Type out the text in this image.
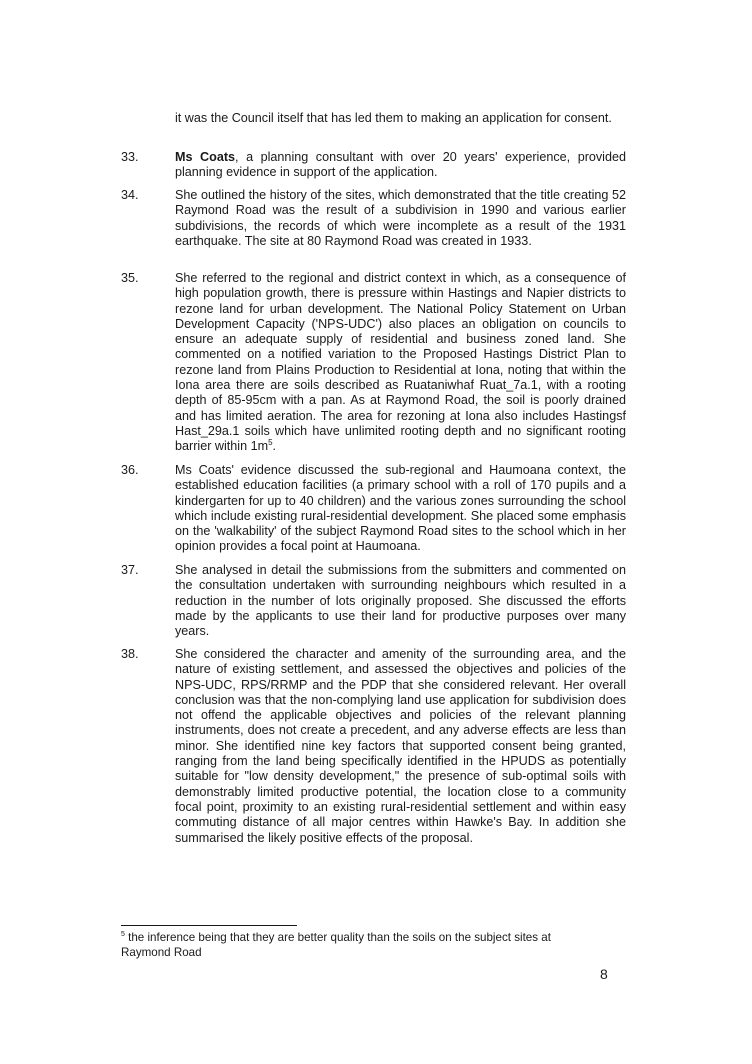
it was the Council itself that has led them to making an application for consent.

33.	Ms Coats, a planning consultant with over 20 years' experience, provided planning evidence in support of the application.

34.	She outlined the history of the sites, which demonstrated that the title creating 52 Raymond Road was the result of a subdivision in 1990 and various earlier subdivisions, the records of which were incomplete as a result of the 1931 earthquake. The site at 80 Raymond Road was created in 1933.

35.	She referred to the regional and district context in which, as a consequence of high population growth, there is pressure within Hastings and Napier districts to rezone land for urban development. The National Policy Statement on Urban Development Capacity ('NPS-UDC') also places an obligation on councils to ensure an adequate supply of residential and business zoned land. She commented on a notified variation to the Proposed Hastings District Plan to rezone land from Plains Production to Residential at Iona, noting that within the Iona area there are soils described as Ruataniwhaf Ruat_7a.1, with a rooting depth of 85-95cm with a pan. As at Raymond Road, the soil is poorly drained and has limited aeration. The area for rezoning at Iona also includes Hastingsf Hast_29a.1 soils which have unlimited rooting depth and no significant rooting barrier within $1m^5$.

36.	Ms Coats' evidence discussed the sub-regional and Haumoana context, the established education facilities (a primary school with a roll of 170 pupils and a kindergarten for up to 40 children) and the various zones surrounding the school which include existing rural-residential development. She placed some emphasis on the 'walkability' of the subject Raymond Road sites to the school which in her opinion provides a focal point at Haumoana.

37.	She analysed in detail the submissions from the submitters and commented on the consultation undertaken with surrounding neighbours which resulted in a reduction in the number of lots originally proposed. She discussed the efforts made by the applicants to use their land for productive purposes over many years.

38.	She considered the character and amenity of the surrounding area, and the nature of existing settlement, and assessed the objectives and policies of the NPS-UDC, RPS/RRMP and the PDP that she considered relevant. Her overall conclusion was that the non-complying land use application for subdivision does not offend the applicable objectives and policies of the relevant planning instruments, does not create a precedent, and any adverse effects are less than minor. She identified nine key factors that supported consent being granted, ranging from the land being specifically identified in the HPUDS as potentially suitable for "low density development," the presence of sub-optimal soils with demonstrably limited productive potential, the location close to a community focal point, proximity to an existing rural-residential settlement and within easy commuting distance of all major centres within Hawke's Bay. In addition she summarised the likely positive effects of the proposal.

$^5$ the inference being that they are better quality than the soils on the subject sites at Raymond Road

8
